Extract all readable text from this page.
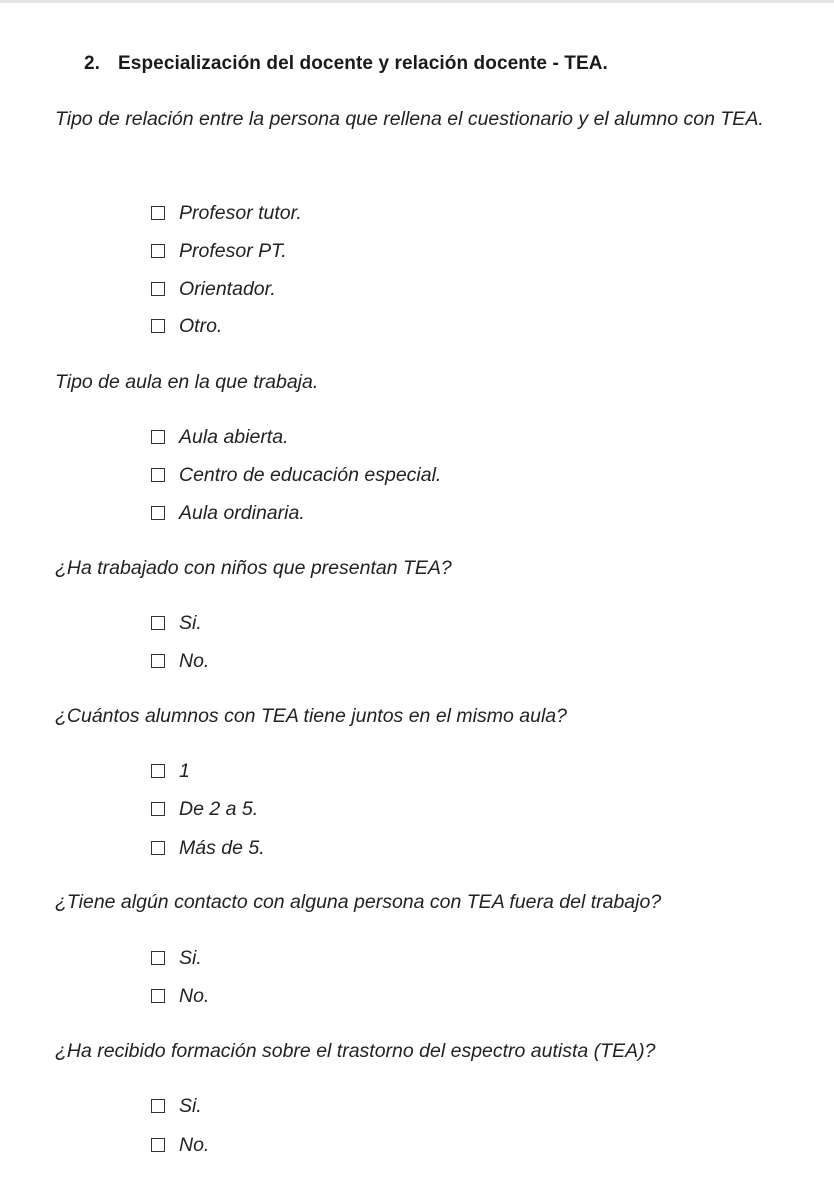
2. Especialización del docente y relación docente - TEA.
Tipo de relación entre la persona que rellena el cuestionario y el alumno con TEA.
Profesor tutor.
Profesor PT.
Orientador.
Otro.
Tipo de aula en la que trabaja.
Aula abierta.
Centro de educación especial.
Aula ordinaria.
¿Ha trabajado con niños que presentan TEA?
Si.
No.
¿Cuántos alumnos con TEA tiene juntos en el mismo aula?
1
De 2 a 5.
Más de 5.
¿Tiene algún contacto con alguna persona con TEA fuera del trabajo?
Si.
No.
¿Ha recibido formación sobre el trastorno del espectro autista (TEA)?
Si.
No.
